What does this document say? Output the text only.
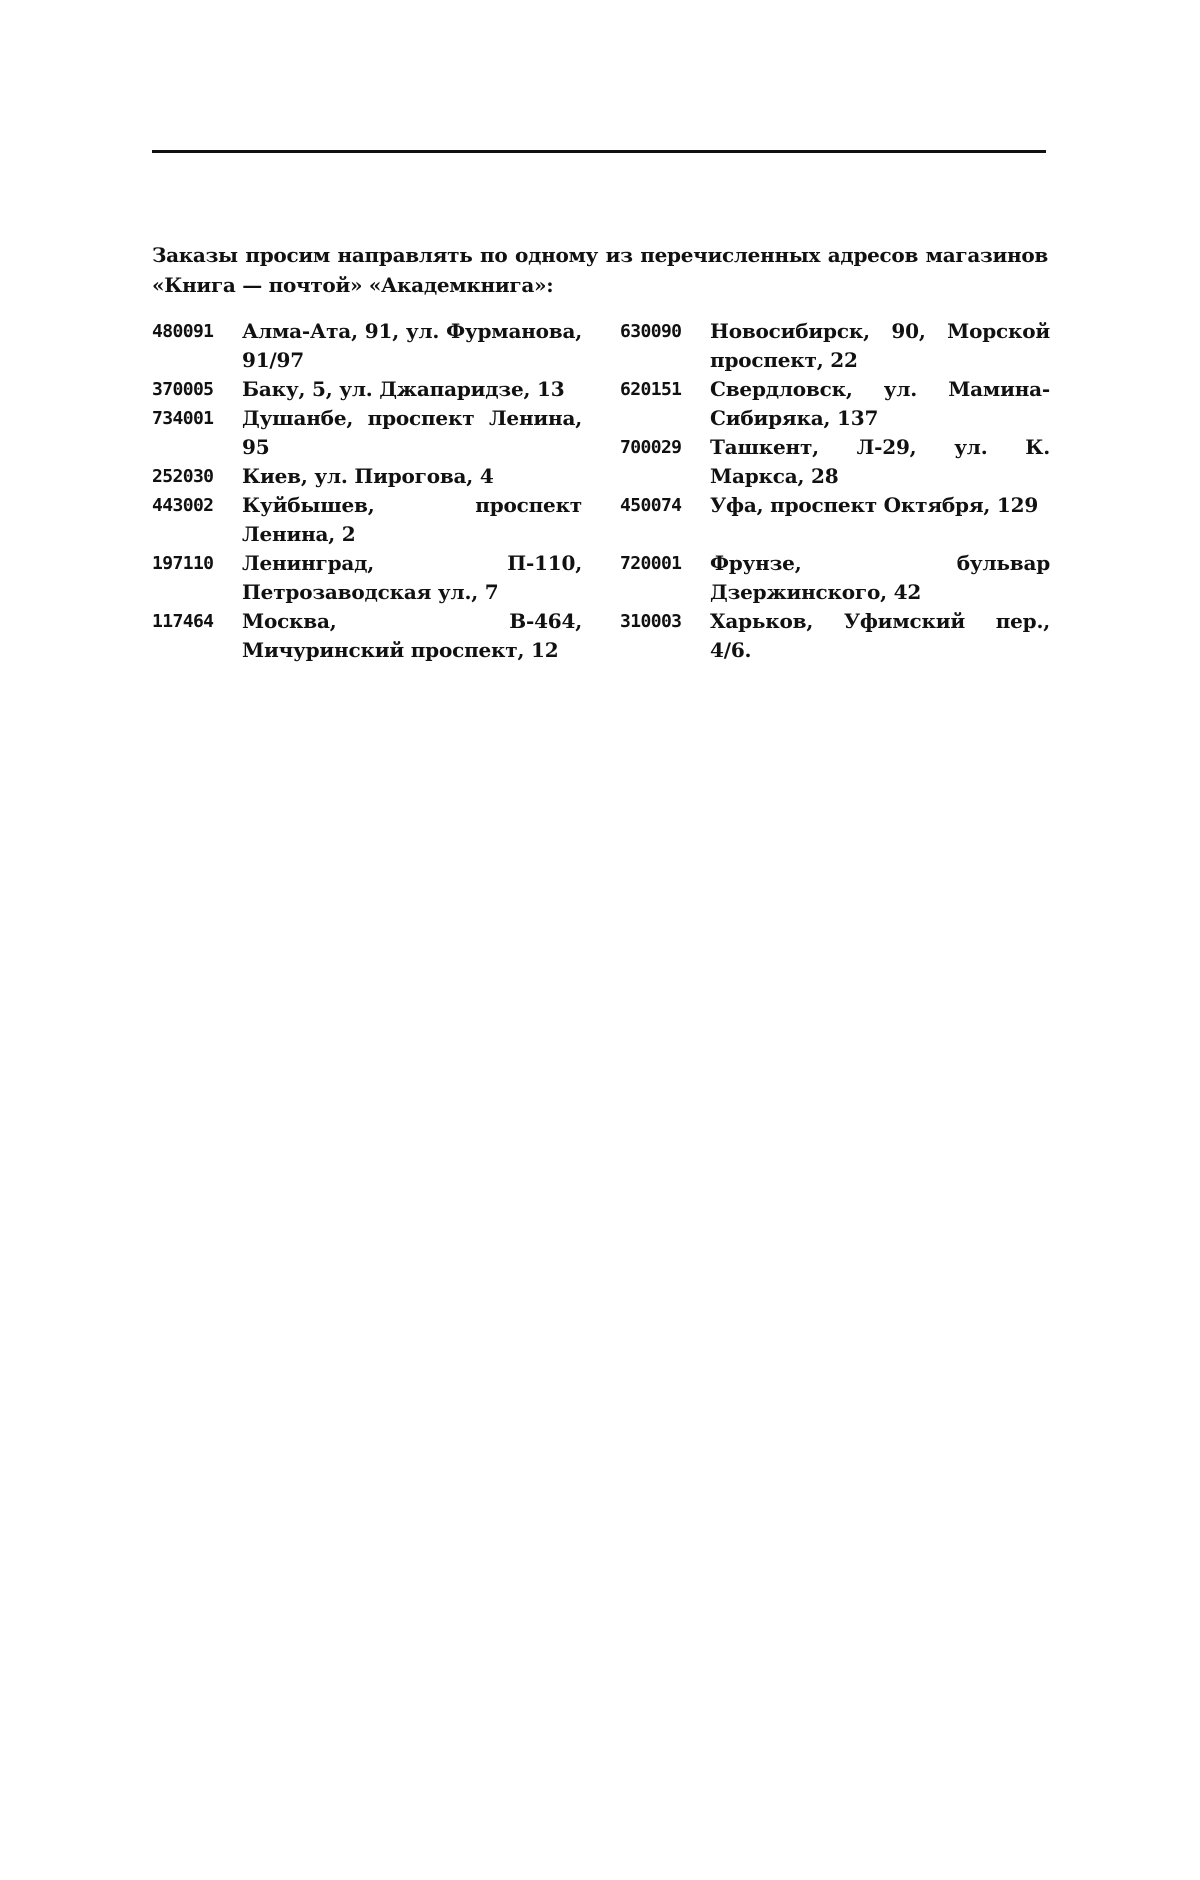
Заказы просим направлять по одному из перечисленных адресов магазинов «Книга — почтой» «Академкнига»:
480091	Алма-Ата, 91, ул. Фурманова, 91/97
370005	Баку, 5, ул. Джапаридзе, 13
734001	Душанбе, проспект Ленина, 95
252030	Киев, ул. Пирогова, 4
443002	Куйбышев, проспект Ленина, 2
197110	Ленинград, П-110, Петрозаводская ул., 7
117464	Москва, В-464, Мичуринский проспект, 12
630090	Новосибирск, 90, Морской проспект, 22
620151	Свердловск, ул. Мамина-Сибиряка, 137
700029	Ташкент, Л-29, ул. К. Маркса, 28
450074	Уфа, проспект Октября, 129
720001	Фрунзе, бульвар Дзержинского, 42
310003	Харьков, Уфимский пер., 4/6.
